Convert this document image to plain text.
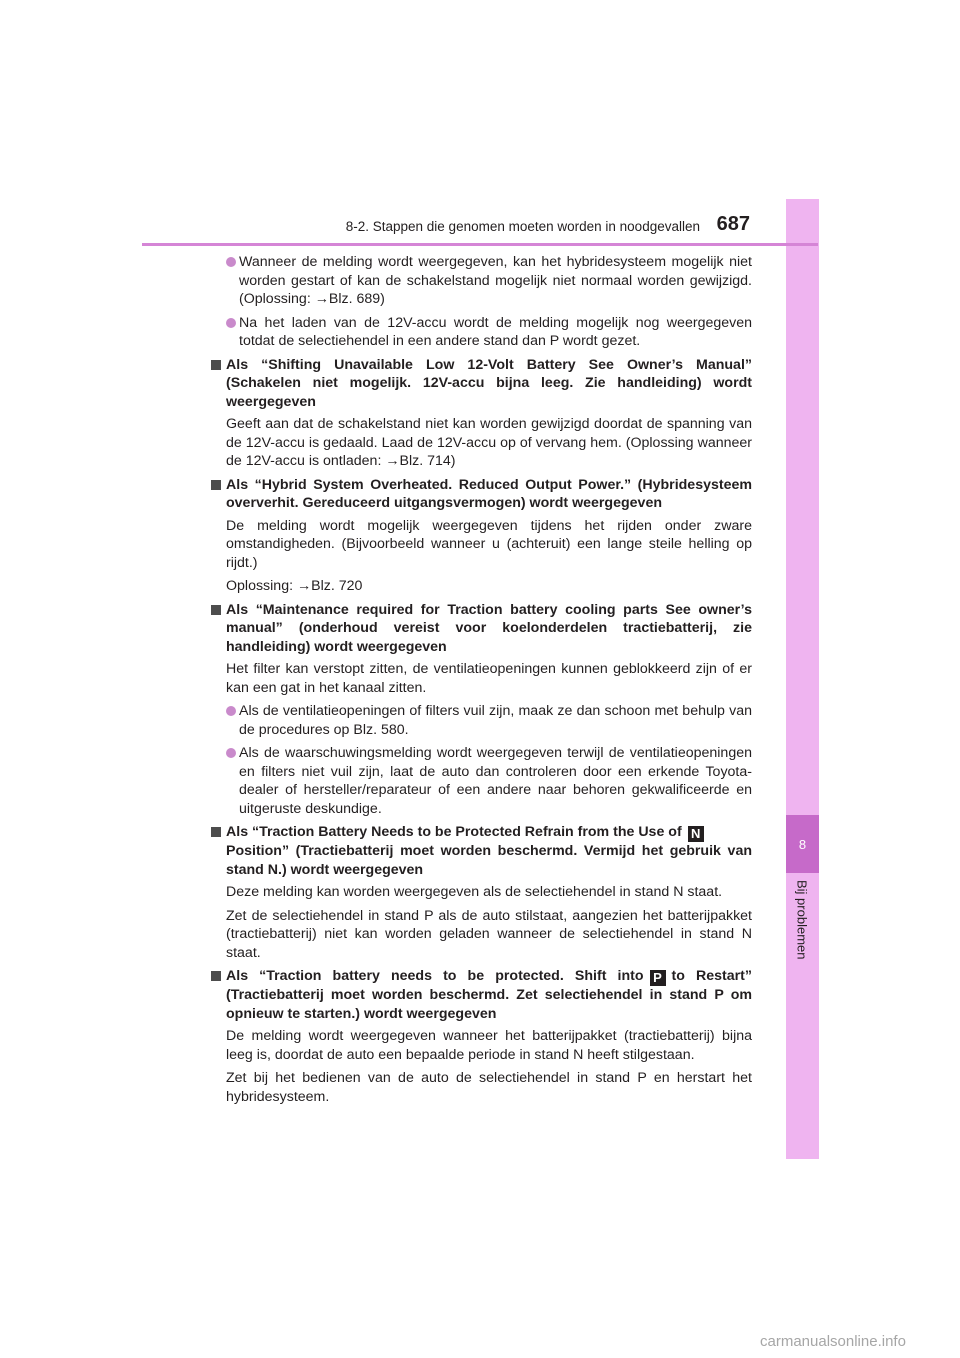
8
Bij problemen
8-2. Stappen die genomen moeten worden in noodgevallen 687

Wanneer de melding wordt weergegeven, kan het hybridesysteem mogelijk niet worden gestart of kan de schakelstand mogelijk niet normaal worden gewijzigd. (Oplossing: →Blz. 689)

Na het laden van de 12V-accu wordt de melding mogelijk nog weergegeven totdat de selectiehendel in een andere stand dan P wordt gezet.

Als “Shifting Unavailable Low 12-Volt Battery See Owner’s Manual” (Schakelen niet mogelijk. 12V-accu bijna leeg. Zie handleiding) wordt weergegeven

Geeft aan dat de schakelstand niet kan worden gewijzigd doordat de spanning van de 12V-accu is gedaald. Laad de 12V-accu op of vervang hem. (Oplossing wanneer de 12V-accu is ontladen: →Blz. 714)

Als “Hybrid System Overheated. Reduced Output Power.” (Hybridesysteem oververhit. Gereduceerd uitgangsvermogen) wordt weergegeven

De melding wordt mogelijk weergegeven tijdens het rijden onder zware omstandigheden. (Bijvoorbeeld wanneer u (achteruit) een lange steile helling op rijdt.)

Oplossing: →Blz. 720

Als “Maintenance required for Traction battery cooling parts See owner’s manual” (onderhoud vereist voor koelonderdelen tractiebatterij, zie handleiding) wordt weergegeven

Het filter kan verstopt zitten, de ventilatieopeningen kunnen geblokkeerd zijn of er kan een gat in het kanaal zitten.

Als de ventilatieopeningen of filters vuil zijn, maak ze dan schoon met behulp van de procedures op Blz. 580.

Als de waarschuwingsmelding wordt weergegeven terwijl de ventilatieopeningen en filters niet vuil zijn, laat de auto dan controleren door een erkende Toyota-dealer of hersteller/reparateur of een andere naar behoren gekwalificeerde en uitgeruste deskundige.

Als “Traction Battery Needs to be Protected Refrain from the Use of N
Position” (Tractiebatterij moet worden beschermd. Vermijd het gebruik van stand N.) wordt weergegeven

Deze melding kan worden weergegeven als de selectiehendel in stand N staat.

Zet de selectiehendel in stand P als de auto stilstaat, aangezien het batterijpakket (tractiebatterij) niet kan worden geladen wanneer de selectiehendel in stand N staat.

Als “Traction battery needs to be protected. Shift into P to Restart” (Tractiebatterij moet worden beschermd. Zet selectiehendel in stand P om opnieuw te starten.) wordt weergegeven

De melding wordt weergegeven wanneer het batterijpakket (tractiebatterij) bijna leeg is, doordat de auto een bepaalde periode in stand N heeft stilgestaan.

Zet bij het bedienen van de auto de selectiehendel in stand P en herstart het hybridesysteem.

carmanualsonline.info
